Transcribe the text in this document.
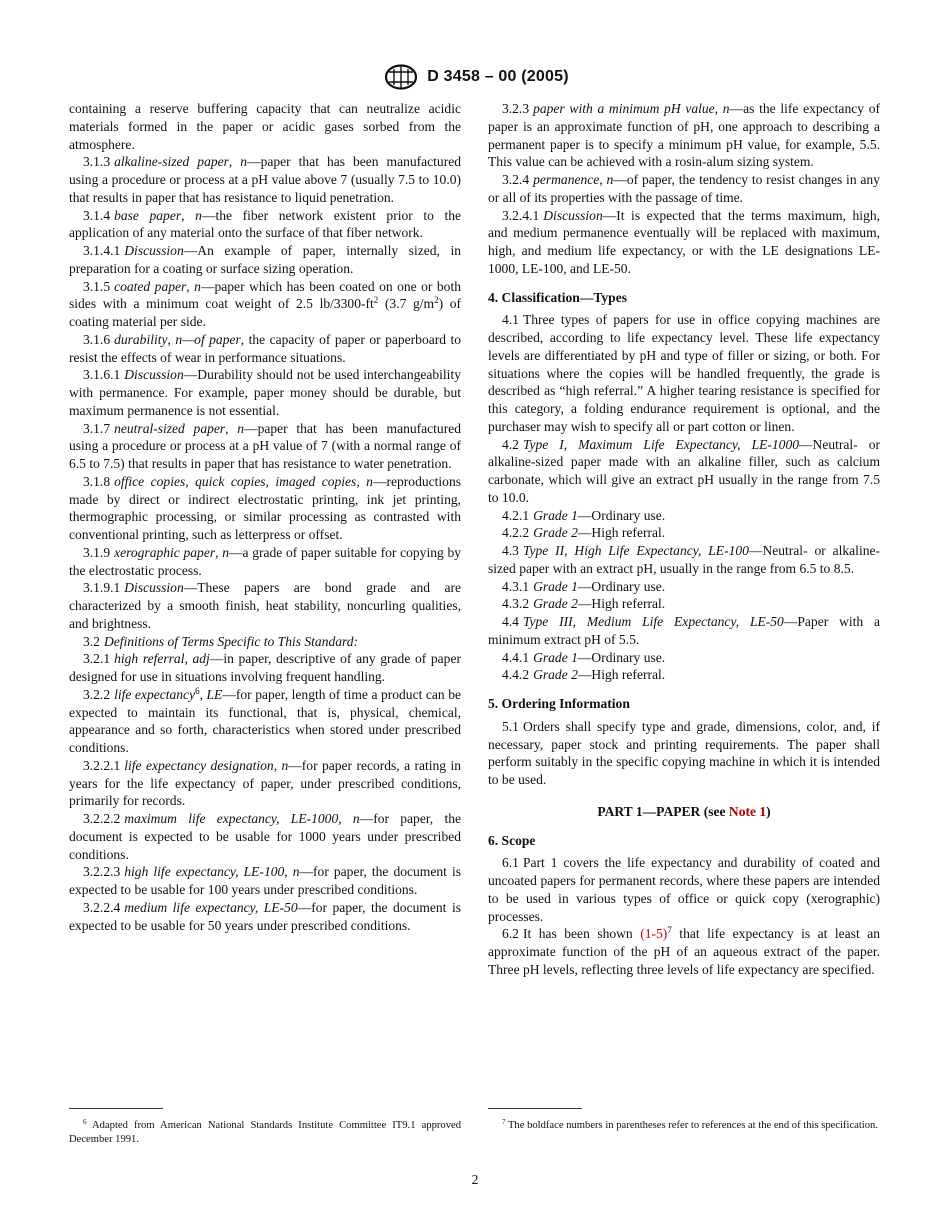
D 3458 – 00 (2005)

containing a reserve buffering capacity that can neutralize acidic materials formed in the paper or acidic gases sorbed from the atmosphere.

3.1.3 alkaline-sized paper, n—paper that has been manufactured using a procedure or process at a pH value above 7 (usually 7.5 to 10.0) that results in paper that has resistance to liquid penetration.

3.1.4 base paper, n—the fiber network existent prior to the application of any material onto the surface of that fiber network.

3.1.4.1 Discussion—An example of paper, internally sized, in preparation for a coating or surface sizing operation.

3.1.5 coated paper, n—paper which has been coated on one or both sides with a minimum coat weight of 2.5 $lb/3300-ft^2$ (3.7 $g/m^2$) of coating material per side.

3.1.6 durability, n—of paper, the capacity of paper or paperboard to resist the effects of wear in performance situations.

3.1.6.1 Discussion—Durability should not be used interchangeability with permanence. For example, paper money should be durable, but maximum permanence is not essential.

3.1.7 neutral-sized paper, n—paper that has been manufactured using a procedure or process at a pH value of 7 (with a normal range of 6.5 to 7.5) that results in paper that has resistance to water penetration.

3.1.8 office copies, quick copies, imaged copies, n—reproductions made by direct or indirect electrostatic printing, ink jet printing, thermographic processing, or similar processing as contrasted with conventional printing, such as letterpress or offset.

3.1.9 xerographic paper, n—a grade of paper suitable for copying by the electrostatic process.

3.1.9.1 Discussion—These papers are bond grade and are characterized by a smooth finish, heat stability, noncurling qualities, and brightness.

3.2 Definitions of Terms Specific to This Standard:

3.2.1 high referral, adj—in paper, descriptive of any grade of paper designed for use in situations involving frequent handling.

3.2.2 life expectancy$^6$, LE—for paper, length of time a product can be expected to maintain its functional, that is, physical, chemical, appearance and so forth, characteristics when stored under prescribed conditions.

3.2.2.1 life expectancy designation, n—for paper records, a rating in years for the life expectancy of paper, under prescribed conditions, primarily for records.

3.2.2.2 maximum life expectancy, LE-1000, n—for paper, the document is expected to be usable for 1000 years under prescribed conditions.

3.2.2.3 high life expectancy, LE-100, n—for paper, the document is expected to be usable for 100 years under prescribed conditions.

3.2.2.4 medium life expectancy, LE-50—for paper, the document is expected to be usable for 50 years under prescribed conditions.

3.2.3 paper with a minimum pH value, n—as the life expectancy of paper is an approximate function of pH, one approach to describing a permanent paper is to specify a minimum pH value, for example, 5.5. This value can be achieved with a rosin-alum sizing system.

3.2.4 permanence, n—of paper, the tendency to resist changes in any or all of its properties with the passage of time.

3.2.4.1 Discussion—It is expected that the terms maximum, high, and medium permanence eventually will be replaced with maximum, high, and medium life expectancy, or with the LE designations LE-1000, LE-100, and LE-50.

4. Classification—Types

4.1 Three types of papers for use in office copying machines are described, according to life expectancy level. These life expectancy levels are differentiated by pH and type of filler or sizing, or both. For situations where the copies will be handled frequently, the grade is described as “high referral.” A higher tearing resistance is specified for this category, a folding endurance requirement is optional, and the purchaser may wish to specify all or part cotton or linen.

4.2 Type I, Maximum Life Expectancy, LE-1000—Neutral- or alkaline-sized paper made with an alkaline filler, such as calcium carbonate, which will give an extract pH usually in the range from 7.5 to 10.0.

4.2.1 Grade 1—Ordinary use.

4.2.2 Grade 2—High referral.

4.3 Type II, High Life Expectancy, LE-100—Neutral- or alkaline-sized paper with an extract pH, usually in the range from 6.5 to 8.5.

4.3.1 Grade 1—Ordinary use.

4.3.2 Grade 2—High referral.

4.4 Type III, Medium Life Expectancy, LE-50—Paper with a minimum extract pH of 5.5.

4.4.1 Grade 1—Ordinary use.

4.4.2 Grade 2—High referral.

5. Ordering Information

5.1 Orders shall specify type and grade, dimensions, color, and, if necessary, paper stock and printing requirements. The paper shall perform suitably in the specific copying machine in which it is intended to be used.

PART 1—PAPER (see Note 1)
6. Scope

6.1 Part 1 covers the life expectancy and durability of coated and uncoated papers for permanent records, where these papers are intended to be used in various types of office or quick copy (xerographic) processes.

6.2 It has been shown $(1-5)^7$ that life expectancy is at least an approximate function of the pH of an aqueous extract of the paper. Three pH levels, reflecting three levels of life expectancy are specified.

$^6$ Adapted from American National Standards Institute Committee IT9.1 approved December 1991.
$^7$ The boldface numbers in parentheses refer to references at the end of this specification.
2
